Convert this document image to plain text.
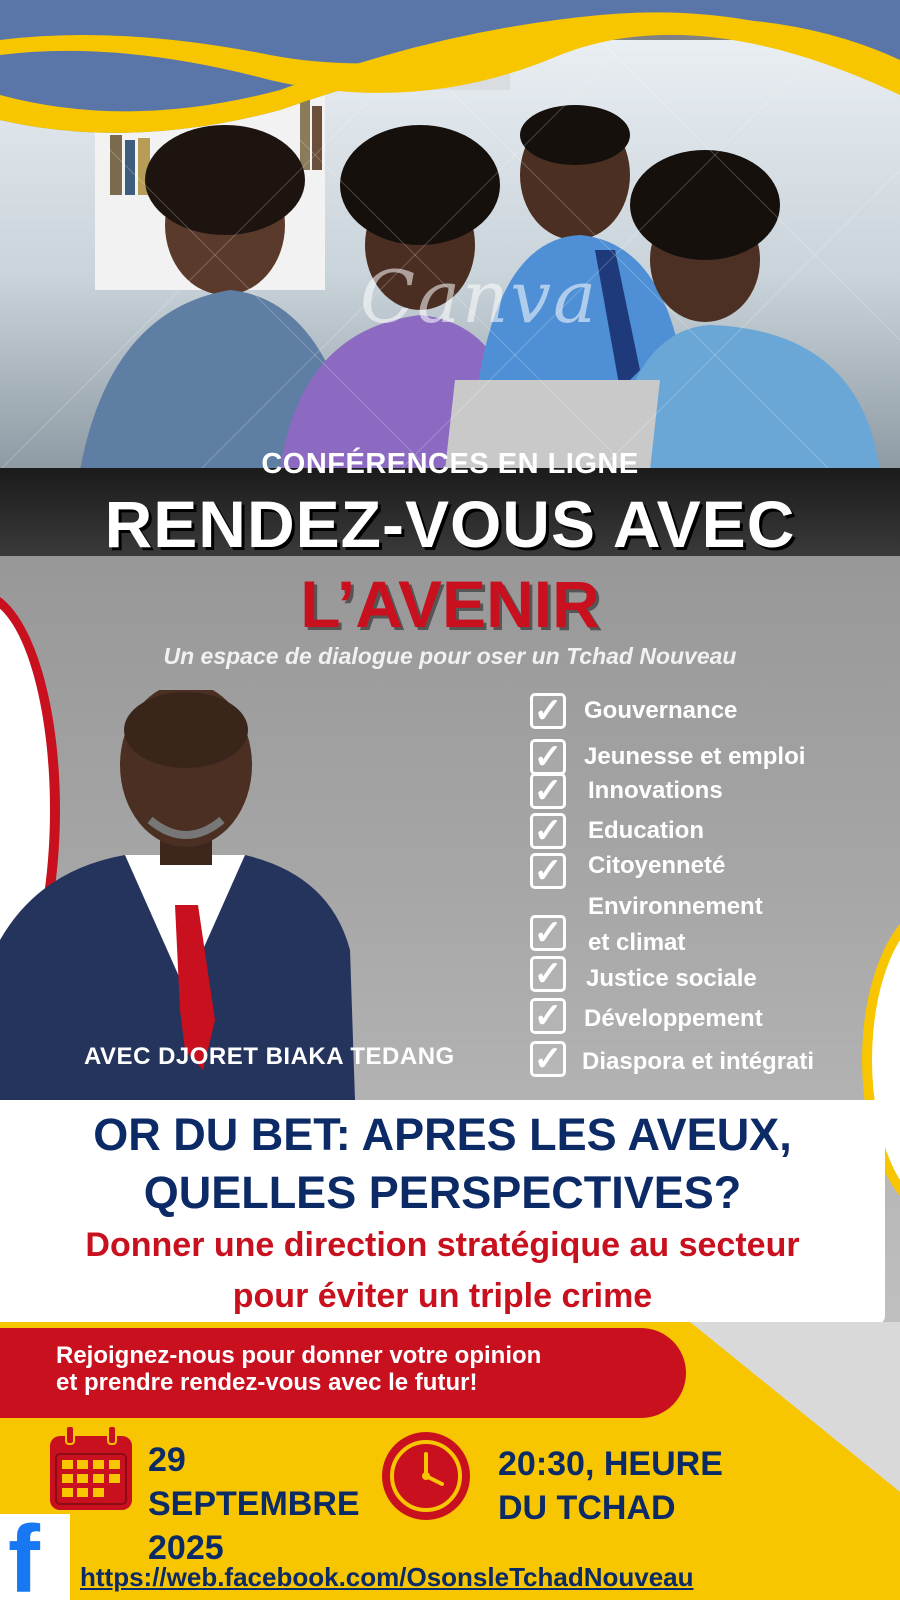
Canva
CONFÉRENCES EN LIGNE
RENDEZ-VOUS AVEC
L’AVENIR
Un espace de dialogue pour oser un Tchad Nouveau
AVEC DJORET BIAKA TEDANG
✓ Gouvernance
✓ Jeunesse et emploi
✓ Innovations
✓ Education
✓ Citoyenneté
✓
Environnement
et climat
✓ Justice sociale
✓ Développement
✓ Diaspora et intégrati
OR DU BET: APRES LES AVEUX,
QUELLES PERSPECTIVES?
Donner une direction stratégique au secteur
pour éviter un triple crime
Rejoignez-nous pour donner votre opinion
et prendre rendez-vous avec le futur!
29
SEPTEMBRE
2025
20:30, HEURE
DU TCHAD
f https://web.facebook.com/OsonsleTchadNouveau
